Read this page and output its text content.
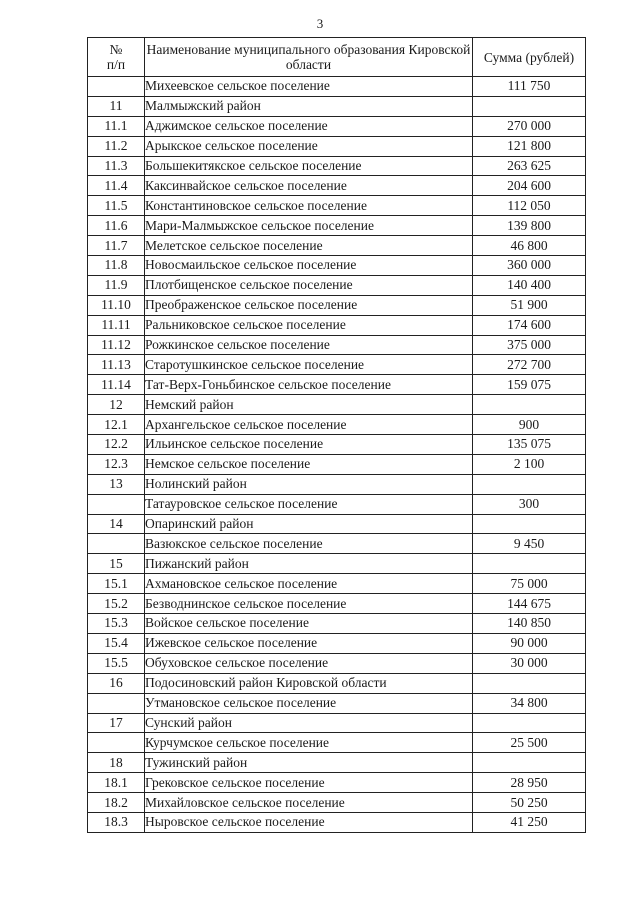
3
№
п/п	Наименование муниципального образования Кировской области	Сумма (рублей)
	Михеевское сельское поселение	111 750
11	Малмыжский район	
11.1	Аджимское сельское поселение	270 000
11.2	Арыкское сельское поселение	121 800
11.3	Большекитякское сельское поселение	263 625
11.4	Каксинвайское сельское поселение	204 600
11.5	Константиновское сельское поселение	112 050
11.6	Мари-Малмыжское сельское поселение	139 800
11.7	Мелетское сельское поселение	46 800
11.8	Новосмаильское сельское поселение	360 000
11.9	Плотбищенское сельское поселение	140 400
11.10	Преображенское сельское поселение	51 900
11.11	Ральниковское сельское поселение	174 600
11.12	Рожкинское сельское поселение	375 000
11.13	Старотушкинское сельское поселение	272 700
11.14	Тат-Верх-Гоньбинское сельское поселение	159 075
12	Немский район	
12.1	Архангельское сельское поселение	900
12.2	Ильинское сельское поселение	135 075
12.3	Немское сельское поселение	2 100
13	Нолинский район	
	Татауровское сельское поселение	300
14	Опаринский район	
	Вазюкское сельское поселение	9 450
15	Пижанский район	
15.1	Ахмановское сельское поселение	75 000
15.2	Безводнинское сельское поселение	144 675
15.3	Войское сельское поселение	140 850
15.4	Ижевское сельское поселение	90 000
15.5	Обуховское сельское поселение	30 000
16	Подосиновский район Кировской области	
	Утмановское сельское поселение	34 800
17	Сунский район	
	Курчумское сельское поселение	25 500
18	Тужинский район	
18.1	Грековское сельское поселение	28 950
18.2	Михайловское сельское поселение	50 250
18.3	Ныровское сельское поселение	41 250
